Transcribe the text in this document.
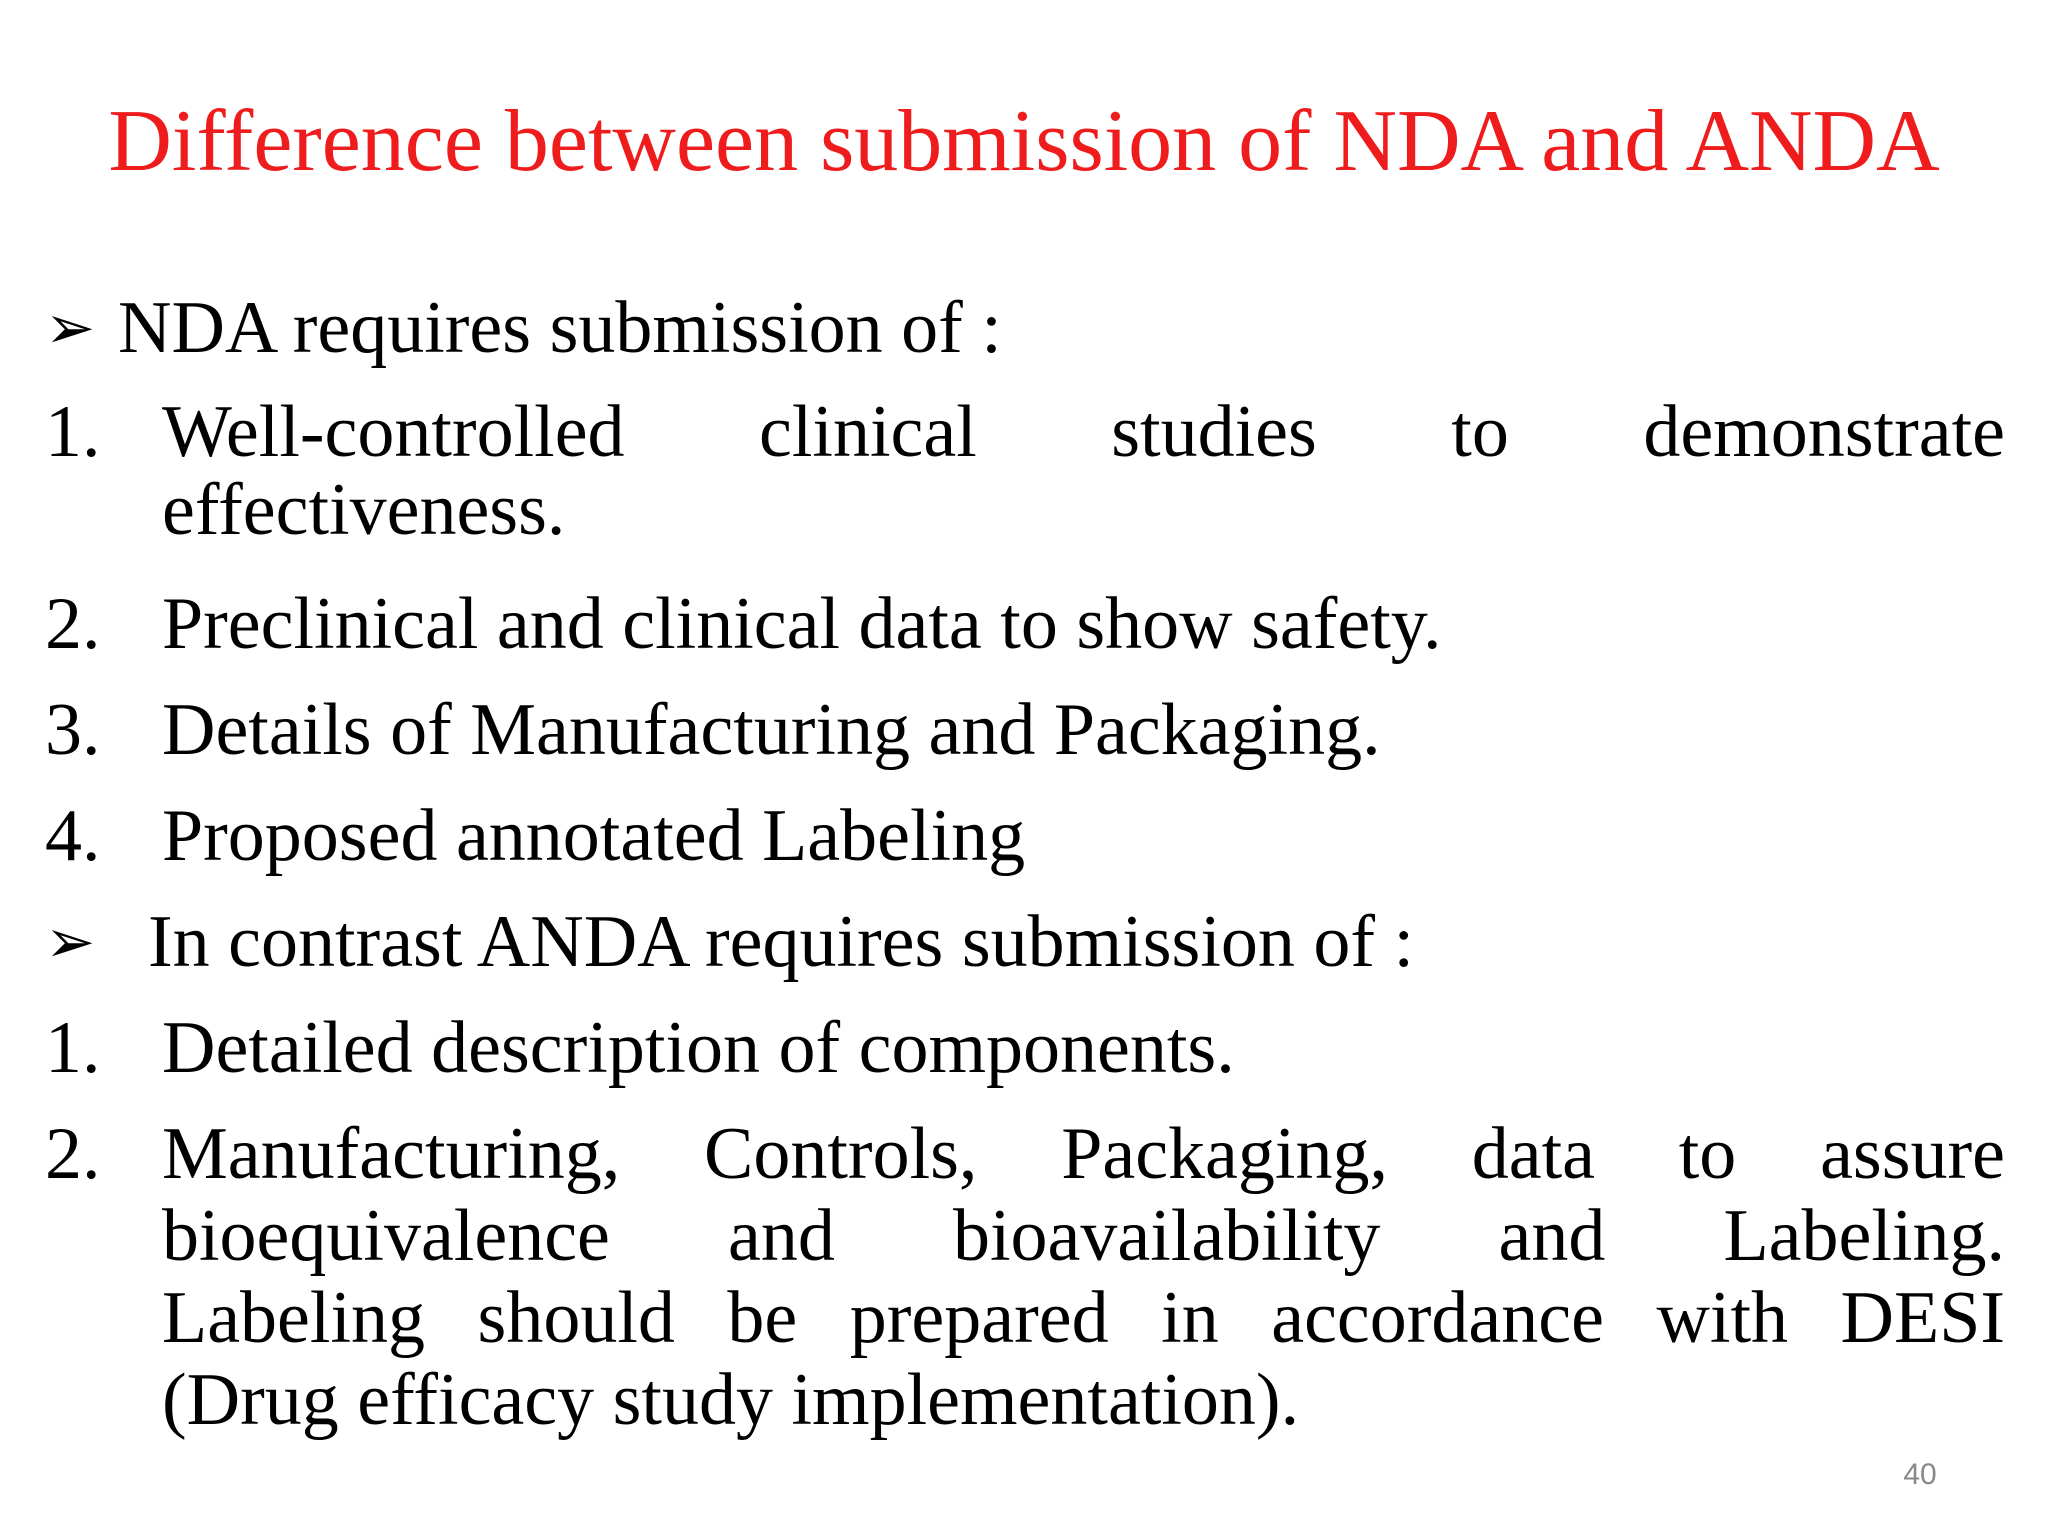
Difference between submission of NDA and ANDA
➢ NDA requires submission of :
1. Well-controlled clinical studies to demonstrate
effectiveness.
2. Preclinical and clinical data to show safety.
3. Details of Manufacturing and Packaging.
4. Proposed annotated Labeling
➢ In contrast ANDA requires submission of :
1. Detailed description of components.
2. Manufacturing, Controls, Packaging, data to assure
bioequivalence and bioavailability and Labeling.
Labeling should be prepared in accordance with DESI
(Drug efficacy study implementation).
40
